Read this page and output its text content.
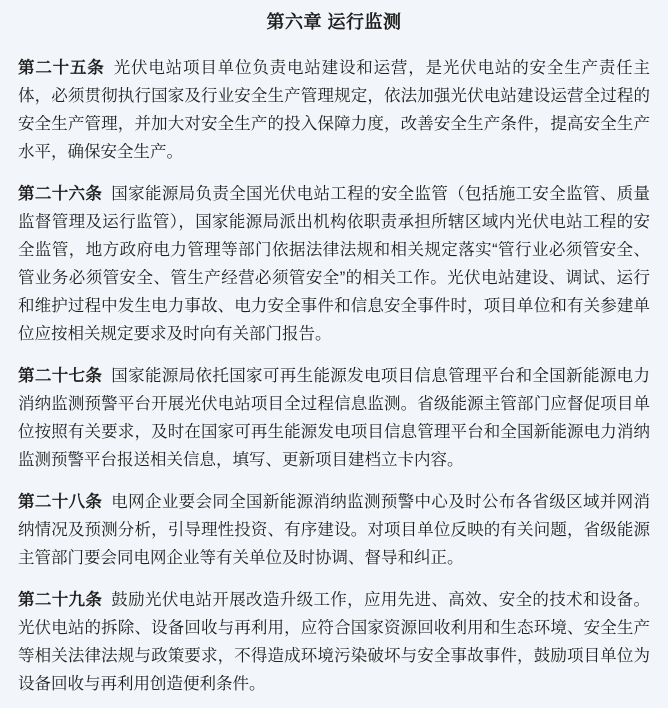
第六章 运行监测

第二十五条 光伏电站项目单位负责电站建设和运营，是光伏电站的安全生产责任主体，必须贯彻执行国家及行业安全生产管理规定，依法加强光伏电站建设运营全过程的安全生产管理，并加大对安全生产的投入保障力度，改善安全生产条件，提高安全生产水平，确保安全生产。

第二十六条 国家能源局负责全国光伏电站工程的安全监管（包括施工安全监管、质量监督管理及运行监管），国家能源局派出机构依职责承担所辖区域内光伏电站工程的安全监管，地方政府电力管理等部门依据法律法规和相关规定落实“管行业必须管安全、管业务必须管安全、管生产经营必须管安全”的相关工作。光伏电站建设、调试、运行和维护过程中发生电力事故、电力安全事件和信息安全事件时，项目单位和有关参建单位应按相关规定要求及时向有关部门报告。

第二十七条 国家能源局依托国家可再生能源发电项目信息管理平台和全国新能源电力消纳监测预警平台开展光伏电站项目全过程信息监测。省级能源主管部门应督促项目单位按照有关要求，及时在国家可再生能源发电项目信息管理平台和全国新能源电力消纳监测预警平台报送相关信息，填写、更新项目建档立卡内容。

第二十八条 电网企业要会同全国新能源消纳监测预警中心及时公布各省级区域并网消纳情况及预测分析，引导理性投资、有序建设。对项目单位反映的有关问题，省级能源主管部门要会同电网企业等有关单位及时协调、督导和纠正。

第二十九条 鼓励光伏电站开展改造升级工作，应用先进、高效、安全的技术和设备。光伏电站的拆除、设备回收与再利用，应符合国家资源回收利用和生态环境、安全生产等相关法律法规与政策要求，不得造成环境污染破坏与安全事故事件，鼓励项目单位为设备回收与再利用创造便利条件。
